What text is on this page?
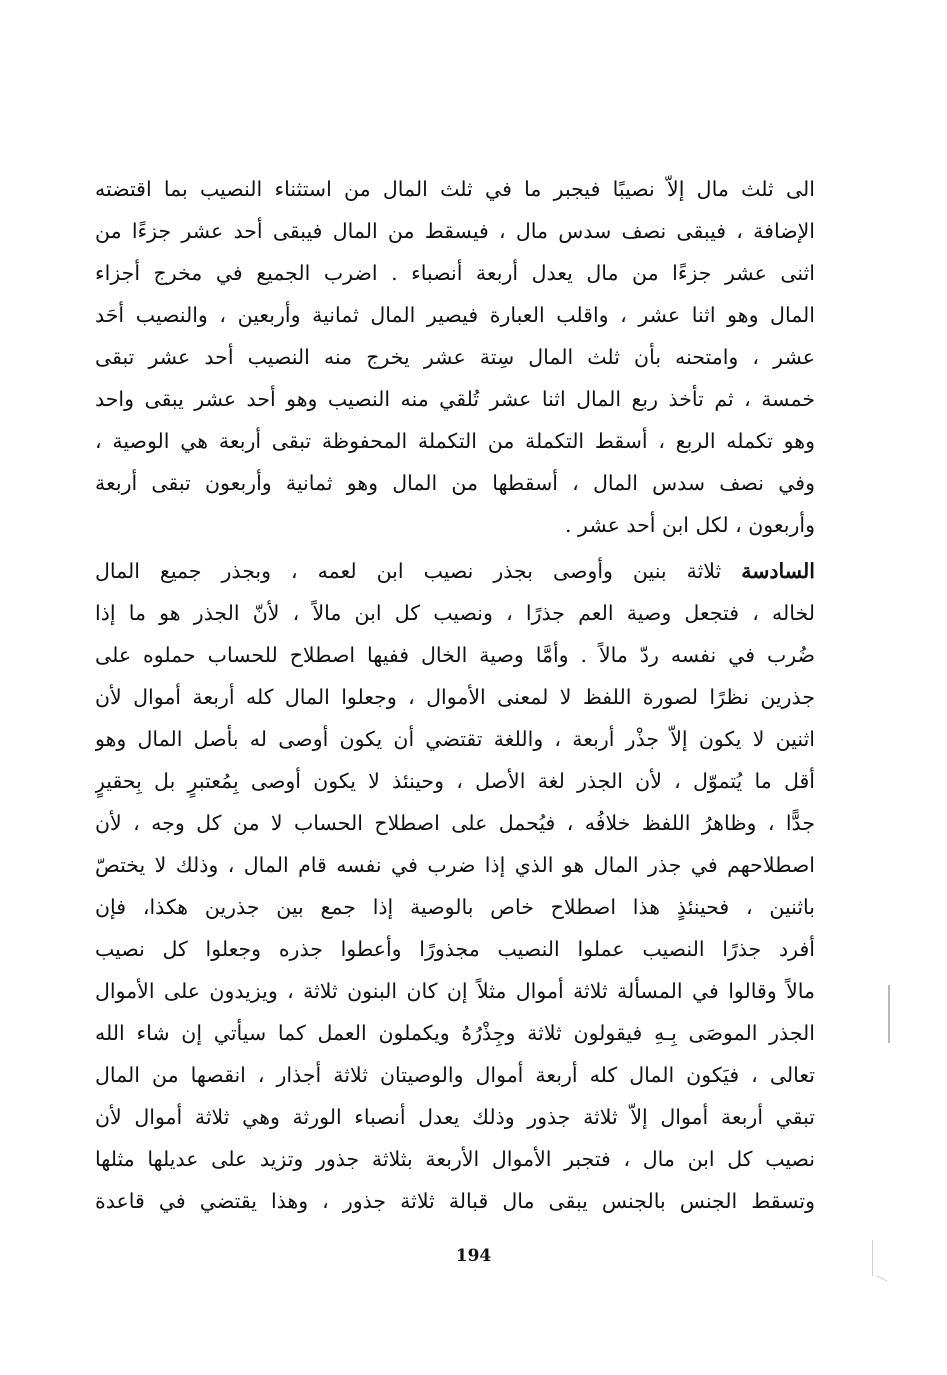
الى ثلث مال إلاّ نصيبًا فيجبر ما في ثلث المال من استثناء النصيب بما اقتضته
الإضافة ، فيبقى نصف سدس مال ، فيسقط من المال فيبقى أحد عشر جزءًا من
اثنى عشر جزءًا من مال يعدل أربعة أنصباء . اضرب الجميع في مخرج أجزاء
المال وهو اثنا عشر ، واقلب العبارة فيصير المال ثمانية وأربعين ، والنصيب أحَد
عشر ، وامتحنه بأن ثلث المال سِتة عشر يخرج منه النصيب أحد عشر تبقى
خمسة ، ثم تأخذ ربع المال اثنا عشر تُلقي منه النصيب وهو أحد عشر يبقى واحد
وهو تكمله الربع ، أسقط التكملة من التكملة المحفوظة تبقى أربعة هي الوصية ،
وفي نصف سدس المال ، أسقطها من المال وهو ثمانية وأربعون تبقى أربعة
وأربعون ، لكل ابن أحد عشر .
السادسة ثلاثة بنين وأوصى بجذر نصيب ابن لعمه ، وبجذر جميع المال
لخاله ، فتجعل وصية العم جذرًا ، ونصيب كل ابن مالاً ، لأنّ الجذر هو ما إذا
ضُرب في نفسه ردّ مالاً . وأمَّا وصية الخال ففيها اصطلاح للحساب حملوه على
جذرين نظرًا لصورة اللفظ لا لمعنى الأموال ، وجعلوا المال كله أربعة أموال لأن
اثنين لا يكون إلاّ جذْر أربعة ، واللغة تقتضي أن يكون أوصى له بأصل المال وهو
أقل ما يُتموّل ، لأن الجذر لغة الأصل ، وحينئذ لا يكون أوصى بِمُعتبرٍ بل بِحقيرٍ
جدًّا ، وظاهرُ اللفظ خلافُه ، فيُحمل على اصطلاح الحساب لا من كل وجه ، لأن
اصطلاحهم في جذر المال هو الذي إذا ضرب في نفسه قام المال ، وذلك لا يختصّ
باثنين ، فحينئذٍ هذا اصطلاح خاص بالوصية إذا جمع بين جذرين هكذا، فإن
أفرد جذرًا النصيب عملوا النصيب مجذورًا وأعطوا جذره وجعلوا كل نصيب
مالاً وقالوا في المسألة ثلاثة أموال مثلاً إن كان البنون ثلاثة ، ويزيدون على الأموال
الجذر الموصَى بِـهِ فيقولون ثلاثة وجِذْرُهُ ويكملون العمل كما سيأتي إن شاء الله
تعالى ، فيَكون المال كله أربعة أموال والوصيتان ثلاثة أجذار ، انقصها من المال
تبقي أربعة أموال إلاّ ثلاثة جذور وذلك يعدل أنصباء الورثة وهي ثلاثة أموال لأن
نصيب كل ابن مال ، فتجبر الأموال الأربعة بثلاثة جذور وتزيد على عديلها مثلها
وتسقط الجنس بالجنس يبقى مال قبالة ثلاثة جذور ، وهذا يقتضي في قاعدة
194
